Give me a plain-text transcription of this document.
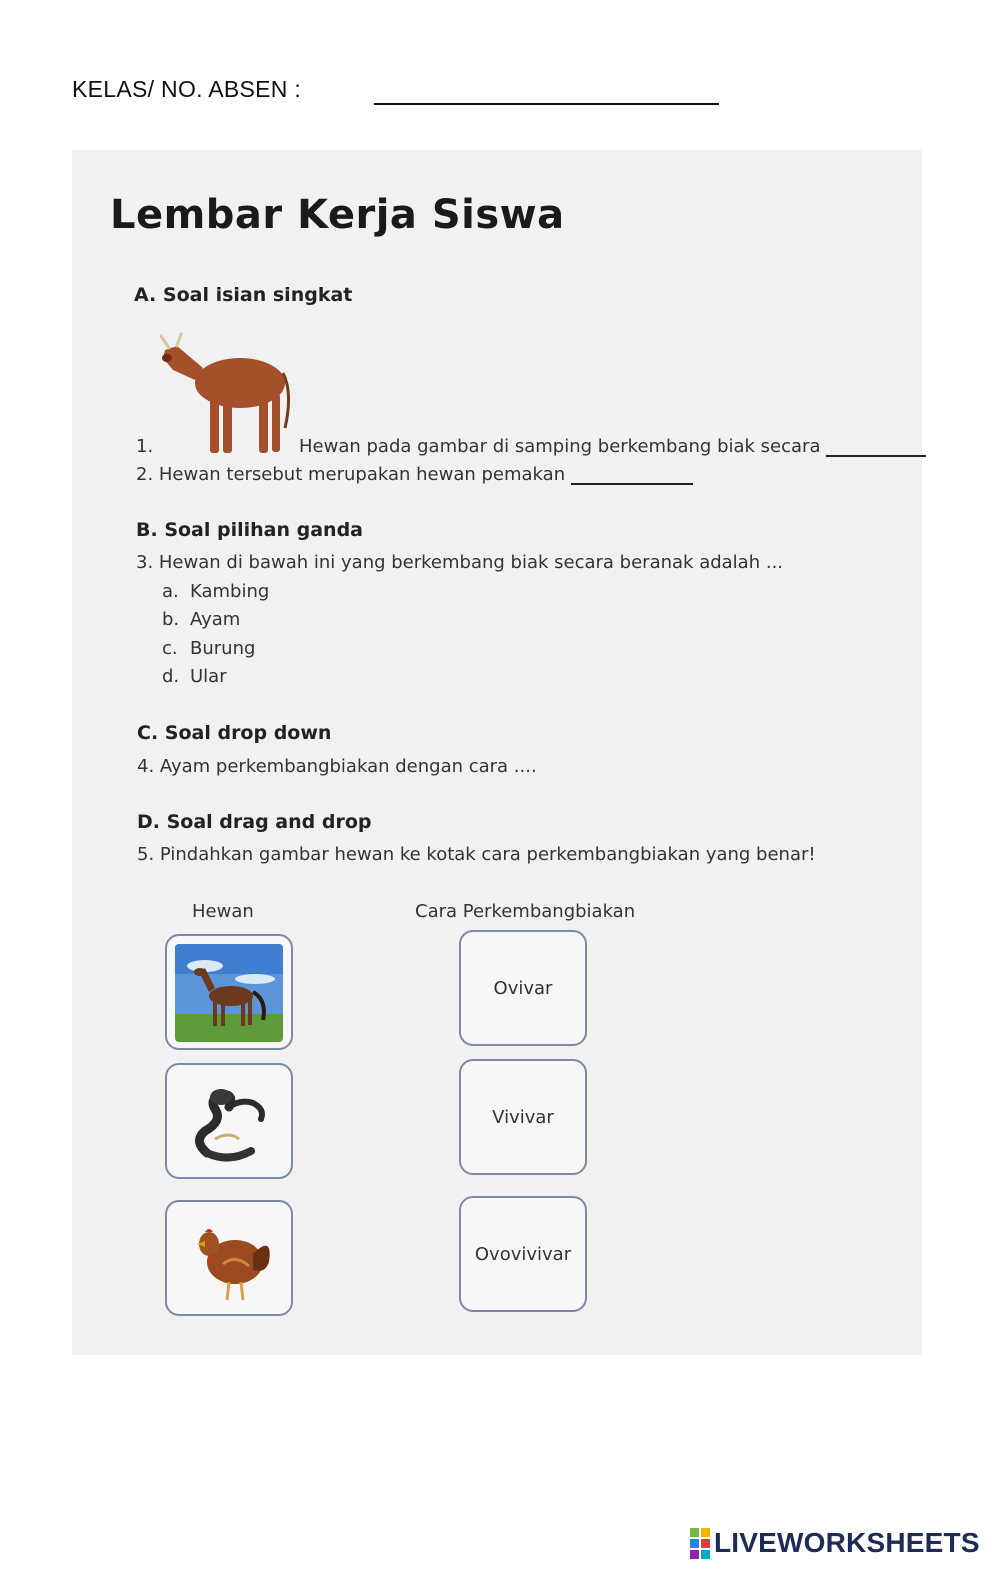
KELAS/ NO. ABSEN :
Lembar Kerja Siswa
A. Soal isian singkat
1.	Hewan pada gambar di samping berkembang biak secara
2. Hewan tersebut merupakan hewan pemakan
B. Soal pilihan ganda
3. Hewan di bawah ini yang berkembang biak secara beranak adalah ...
a. Kambing
b. Ayam
c. Burung
d. Ular
C. Soal drop down
4. Ayam perkembangbiakan dengan cara ....
D. Soal drag and drop
5. Pindahkan gambar hewan ke kotak cara perkembangbiakan yang benar!
Hewan	Cara Perkembangbiakan
Ovivar
Vivivar
Ovovivivar
LIVEWORKSHEETS
